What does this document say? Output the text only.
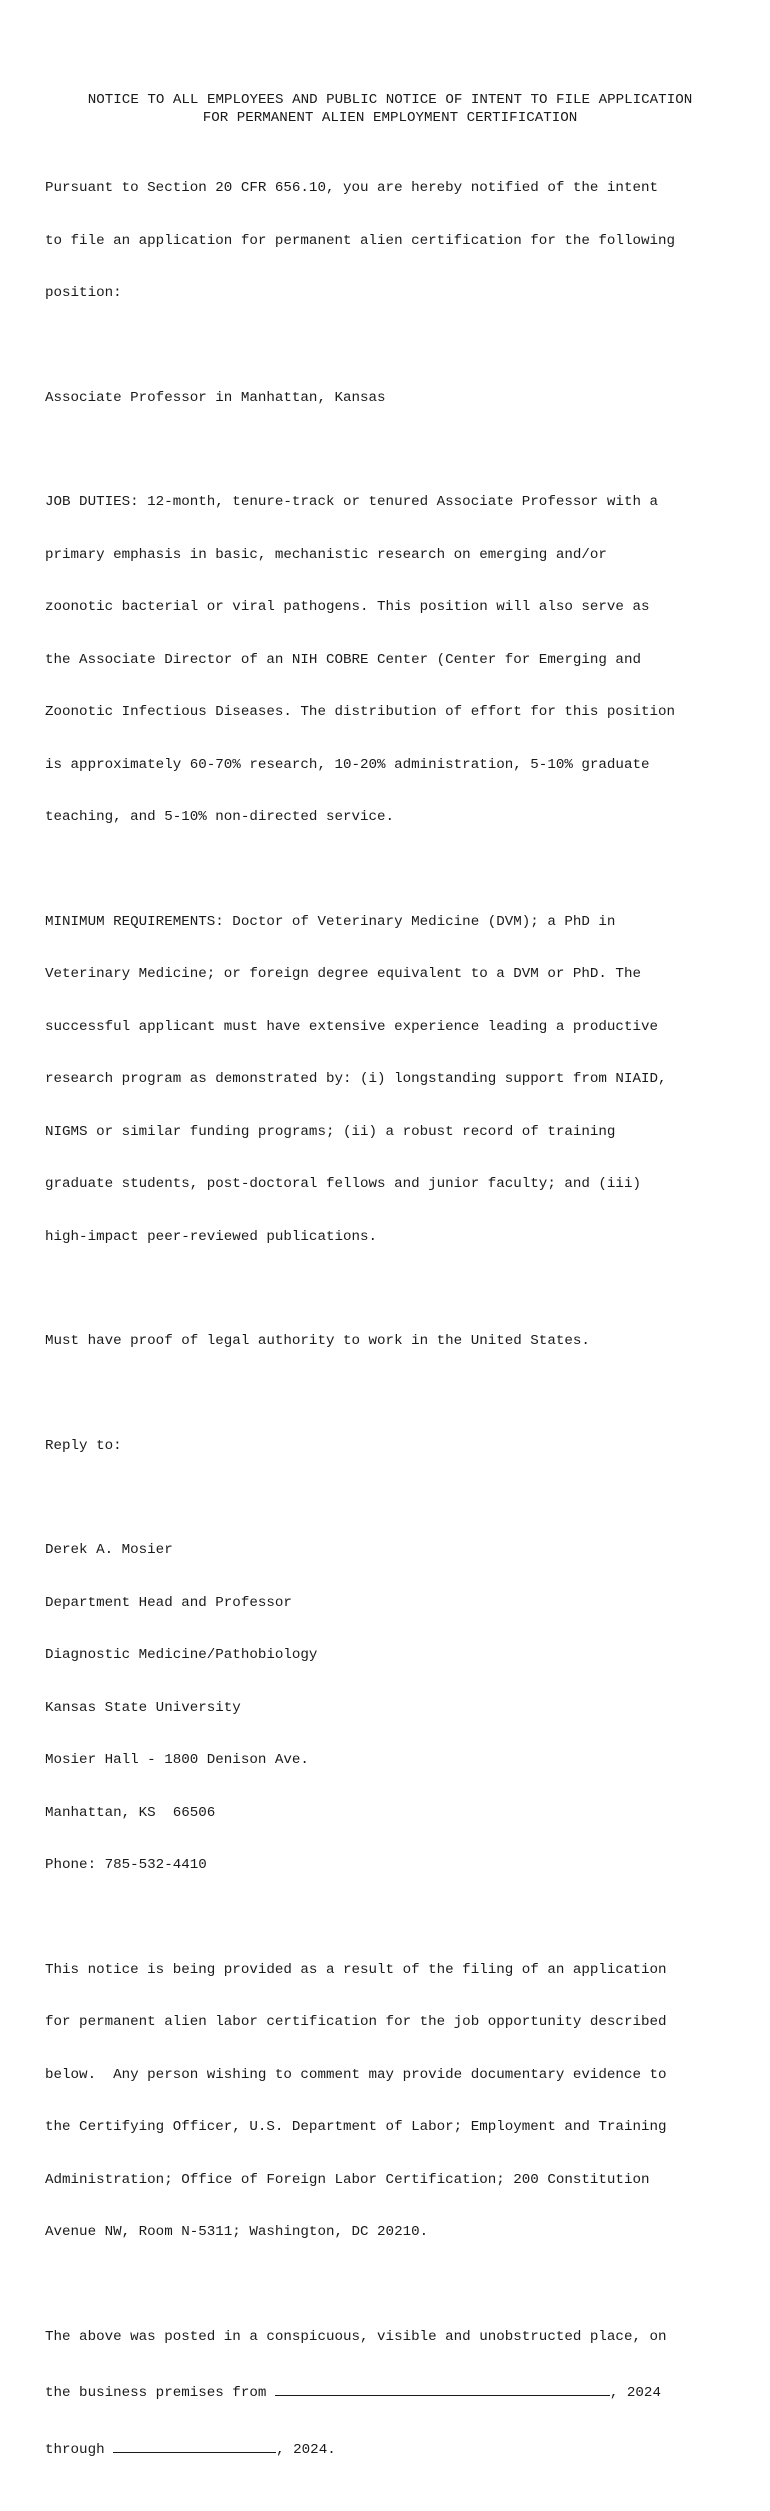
NOTICE TO ALL EMPLOYEES AND PUBLIC NOTICE OF INTENT TO FILE APPLICATION
FOR PERMANENT ALIEN EMPLOYMENT CERTIFICATION

Pursuant to Section 20 CFR 656.10, you are hereby notified of the intent

to file an application for permanent alien certification for the following

position:

Associate Professor in Manhattan, Kansas

JOB DUTIES: 12-month, tenure-track or tenured Associate Professor with a

primary emphasis in basic, mechanistic research on emerging and/or

zoonotic bacterial or viral pathogens. This position will also serve as

the Associate Director of an NIH COBRE Center (Center for Emerging and

Zoonotic Infectious Diseases. The distribution of effort for this position

is approximately 60-70% research, 10-20% administration, 5-10% graduate

teaching, and 5-10% non-directed service.

MINIMUM REQUIREMENTS: Doctor of Veterinary Medicine (DVM); a PhD in

Veterinary Medicine; or foreign degree equivalent to a DVM or PhD. The

successful applicant must have extensive experience leading a productive

research program as demonstrated by: (i) longstanding support from NIAID,

NIGMS or similar funding programs; (ii) a robust record of training

graduate students, post-doctoral fellows and junior faculty; and (iii)

high-impact peer-reviewed publications.

Must have proof of legal authority to work in the United States.

Reply to:

Derek A. Mosier

Department Head and Professor

Diagnostic Medicine/Pathobiology

Kansas State University

Mosier Hall - 1800 Denison Ave.

Manhattan, KS  66506

Phone: 785-532-4410

This notice is being provided as a result of the filing of an application

for permanent alien labor certification for the job opportunity described

below.  Any person wishing to comment may provide documentary evidence to

the Certifying Officer, U.S. Department of Labor; Employment and Training

Administration; Office of Foreign Labor Certification; 200 Constitution

Avenue NW, Room N-5311; Washington, DC 20210.

The above was posted in a conspicuous, visible and unobstructed place, on

the business premises from	, 2024

through	, 2024.
